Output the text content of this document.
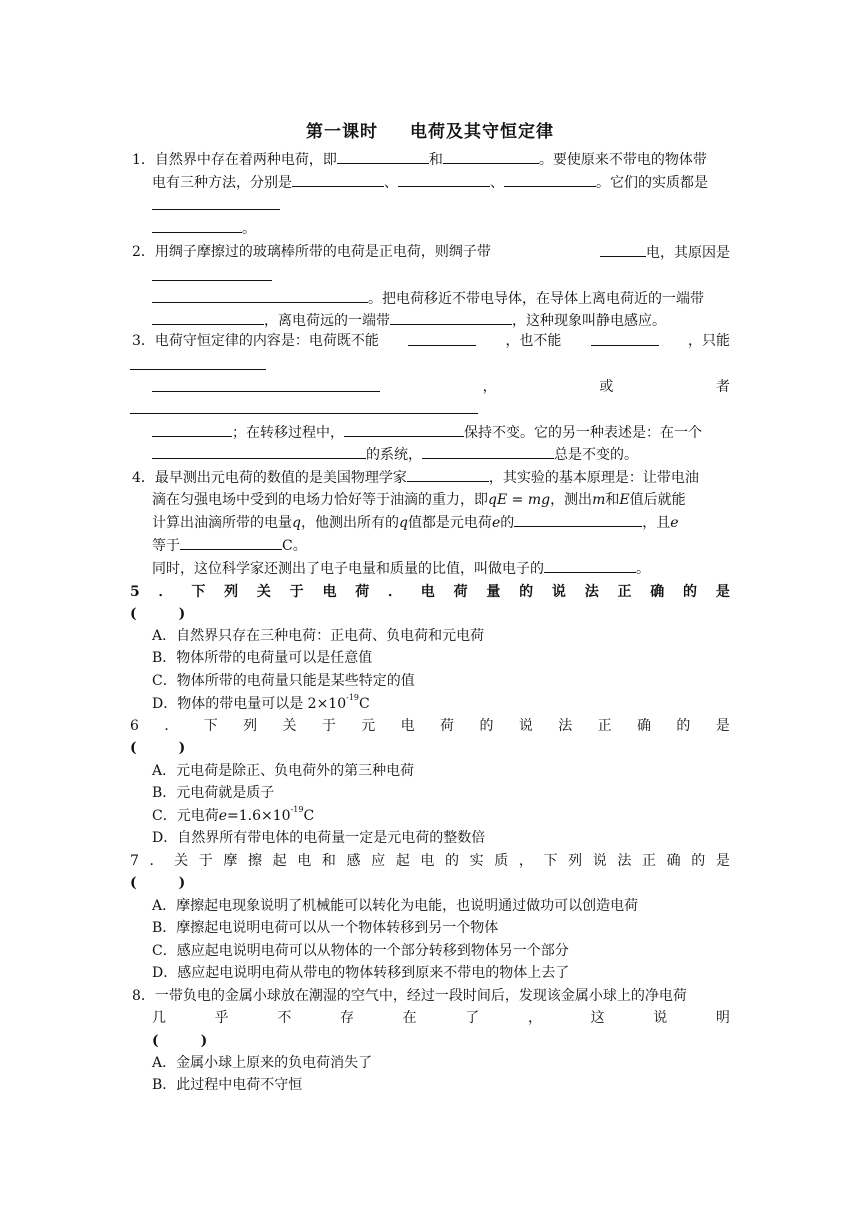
第一课时 电荷及其守恒定律
1．自然界中存在着两种电荷，即	和	。要使原来不带电的物体带
电有三种方法，分别是	、	、	。它们的实质都是
。
2．用绸子摩擦过的玻璃棒所带的电荷是正电荷，则绸子带	电，其原因是
。把电荷移近不带电导体，在导体上离电荷近的一端带
，离电荷远的一端带	，这种现象叫静电感应。
3．电荷守恒定律的内容是：电荷既不能	，也不能	，只能
，	或	者
；在转移过程中，	保持不变。它的另一种表述是：在一个
的系统，	总是不变的。
4．最早测出元电荷的数值的是美国物理学家	，其实验的基本原理是：让带电油
滴在匀强电场中受到的电场力恰好等于油滴的重力，即qE = mg，测出m和E值后就能
计算出油滴所带的电量q，他测出所有的q值都是元电荷e的	，且e
等于	C。
同时，这位科学家还测出了电子电量和质量的比值，叫做电子的	。
5 ． 下 列 关 于 电 荷 ． 电 荷 量 的 说 法 正 确 的 是
(　　　)
A．自然界只存在三种电荷：正电荷、负电荷和元电荷
B．物体所带的电荷量可以是任意值
C．物体所带的电荷量只能是某些特定的值
D．物体的带电量可以是 $2\times 10^{-19}C$
6 ． 下 列 关 于 元 电 荷 的 说 法 正 确 的 是
(　　　)
A．元电荷是除正、负电荷外的第三种电荷
B．元电荷就是质子
C．元电荷$e=1.6\times 10^{-19}C$
D．自然界所有带电体的电荷量一定是元电荷的整数倍
7 ． 关 于 摩 擦 起 电 和 感 应 起 电 的 实 质 ， 下 列 说 法 正 确 的 是
(　　　)
A．摩擦起电现象说明了机械能可以转化为电能，也说明通过做功可以创造电荷
B．摩擦起电说明电荷可以从一个物体转移到另一个物体
C．感应起电说明电荷可以从物体的一个部分转移到物体另一个部分
D．感应起电说明电荷从带电的物体转移到原来不带电的物体上去了
8．一带负电的金属小球放在潮湿的空气中，经过一段时间后，发现该金属小球上的净电荷
几	乎	不	存	在	了	，	这	说	明
(　　　)
A．金属小球上原来的负电荷消失了
B．此过程中电荷不守恒
